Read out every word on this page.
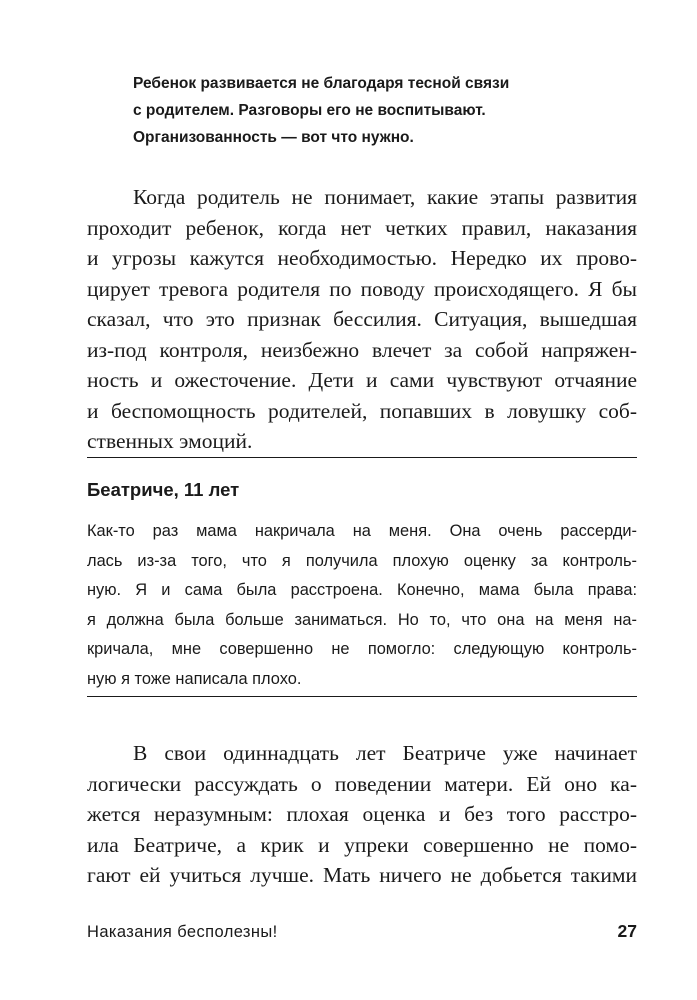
Ребенок развивается не благодаря тесной связи
с родителем. Разговоры его не воспитывают.
Организованность — вот что нужно.
Когда родитель не понимает, какие этапы развития
проходит ребенок, когда нет четких правил, наказания
и угрозы кажутся необходимостью. Нередко их прово-
цирует тревога родителя по поводу происходящего. Я бы
сказал, что это признак бессилия. Ситуация, вышедшая
из-под контроля, неизбежно влечет за собой напряжен-
ность и ожесточение. Дети и сами чувствуют отчаяние
и беспомощность родителей, попавших в ловушку соб-
ственных эмоций.
Беатриче, 11 лет
Как-то раз мама накричала на меня. Она очень рассерди-
лась из-за того, что я получила плохую оценку за контроль-
ную. Я и сама была расстроена. Конечно, мама была права:
я должна была больше заниматься. Но то, что она на меня на-
кричала, мне совершенно не помогло: следующую контроль-
ную я тоже написала плохо.
В свои одиннадцать лет Беатриче уже начинает
логически рассуждать о поведении матери. Ей оно ка-
жется неразумным: плохая оценка и без того расстро-
ила Беатриче, а крик и упреки совершенно не помо-
гают ей учиться лучше. Мать ничего не добьется такими
Наказания бесполезны!	27
